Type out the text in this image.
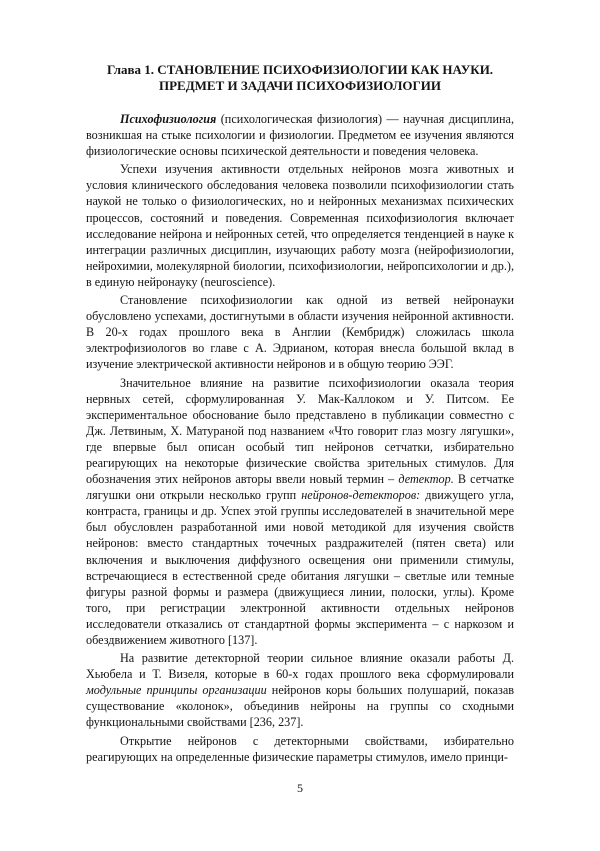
Глава 1. СТАНОВЛЕНИЕ ПСИХОФИЗИОЛОГИИ КАК НАУКИ.
ПРЕДМЕТ И ЗАДАЧИ ПСИХОФИЗИОЛОГИИ

Психофизиология (психологическая физиология) — научная дисциплина, возникшая на стыке психологии и физиологии. Предметом ее изучения являются физиологические основы психической деятельности и поведения человека.

Успехи изучения активности отдельных нейронов мозга животных и условия клинического обследования человека позволили психофизиологии стать наукой не только о физиологических, но и нейронных механизмах психических процессов, состояний и поведения. Современная психофизиология включает исследование нейрона и нейронных сетей, что определяется тенденцией в науке к интеграции различных дисциплин, изучающих работу мозга (нейрофизиологии, нейрохимии, молекулярной биологии, психофизиологии, нейропсихологии и др.), в единую нейронауку (neuroscience).

Становление психофизиологии как одной из ветвей нейронауки обусловлено успехами, достигнутыми в области изучения нейронной активности. В 20-х годах прошлого века в Англии (Кембридж) сложилась школа электрофизиологов во главе с А. Эдрианом, которая внесла большой вклад в изучение электрической активности нейронов и в общую теорию ЭЭГ.

Значительное влияние на развитие психофизиологии оказала теория нервных сетей, сформулированная У. Мак-Каллоком и У. Питсом. Ее экспериментальное обоснование было представлено в публикации совместно с Дж. Летвиным, Х. Матураной под названием «Что говорит глаз мозгу лягушки», где впервые был описан особый тип нейронов сетчатки, избирательно реагирующих на некоторые физические свойства зрительных стимулов. Для обозначения этих нейронов авторы ввели новый термин – детектор. В сетчатке лягушки они открыли несколько групп нейронов-детекторов: движущего угла, контраста, границы и др. Успех этой группы исследователей в значительной мере был обусловлен разработанной ими новой методикой для изучения свойств нейронов: вместо стандартных точечных раздражителей (пятен света) или включения и выключения диффузного освещения они применили стимулы, встречающиеся в естественной среде обитания лягушки – светлые или темные фигуры разной формы и размера (движущиеся линии, полоски, углы). Кроме того, при регистрации электронной активности отдельных нейронов исследователи отказались от стандартной формы эксперимента – с наркозом и обездвижением животного [137].

На развитие детекторной теории сильное влияние оказали работы Д. Хьюбела и Т. Визеля, которые в 60-х годах прошлого века сформулировали модульные принципы организации нейронов коры больших полушарий, показав существование «колонок», объединив нейроны на группы со сходными функциональными свойствами [236, 237].

Открытие нейронов с детекторными свойствами, избирательно реагирующих на определенные физические параметры стимулов, имело принци-

5
